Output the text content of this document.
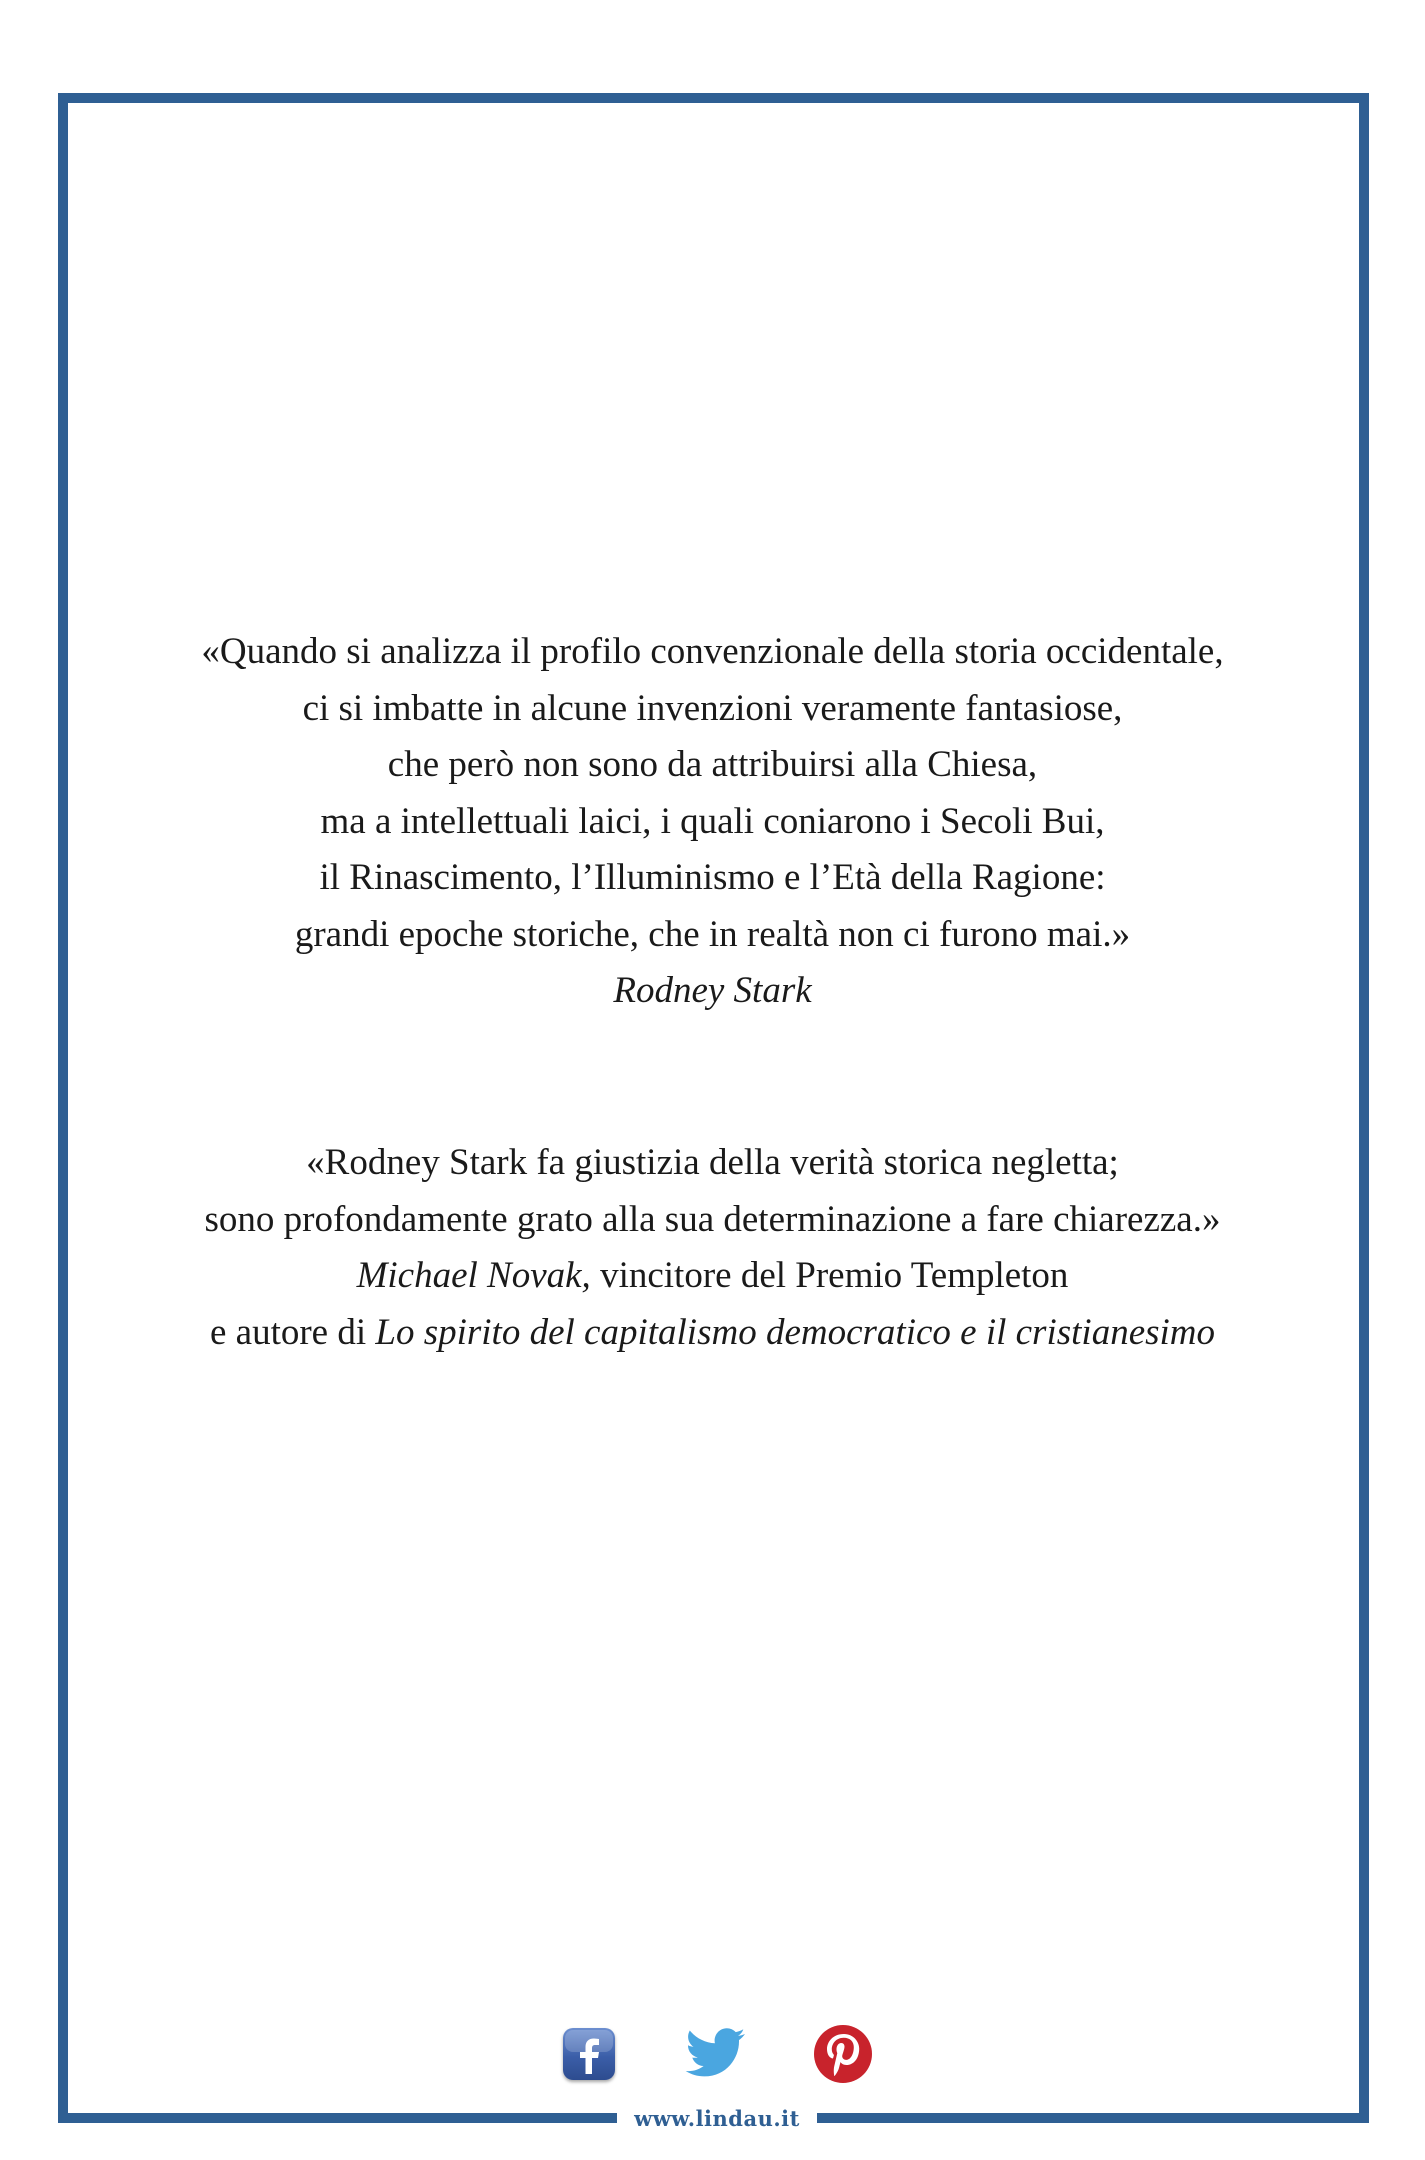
«Quando si analizza il profilo convenzionale della storia occidentale,
ci si imbatte in alcune invenzioni veramente fantasiose,
che però non sono da attribuirsi alla Chiesa,
ma a intellettuali laici, i quali coniarono i Secoli Bui,
il Rinascimento, l’Illuminismo e l’Età della Ragione:
grandi epoche storiche, che in realtà non ci furono mai.»
Rodney Stark
«Rodney Stark fa giustizia della verità storica negletta;
sono profondamente grato alla sua determinazione a fare chiarezza.»
Michael Novak, vincitore del Premio Templeton
e autore di Lo spirito del capitalismo democratico e il cristianesimo
www.lindau.it
